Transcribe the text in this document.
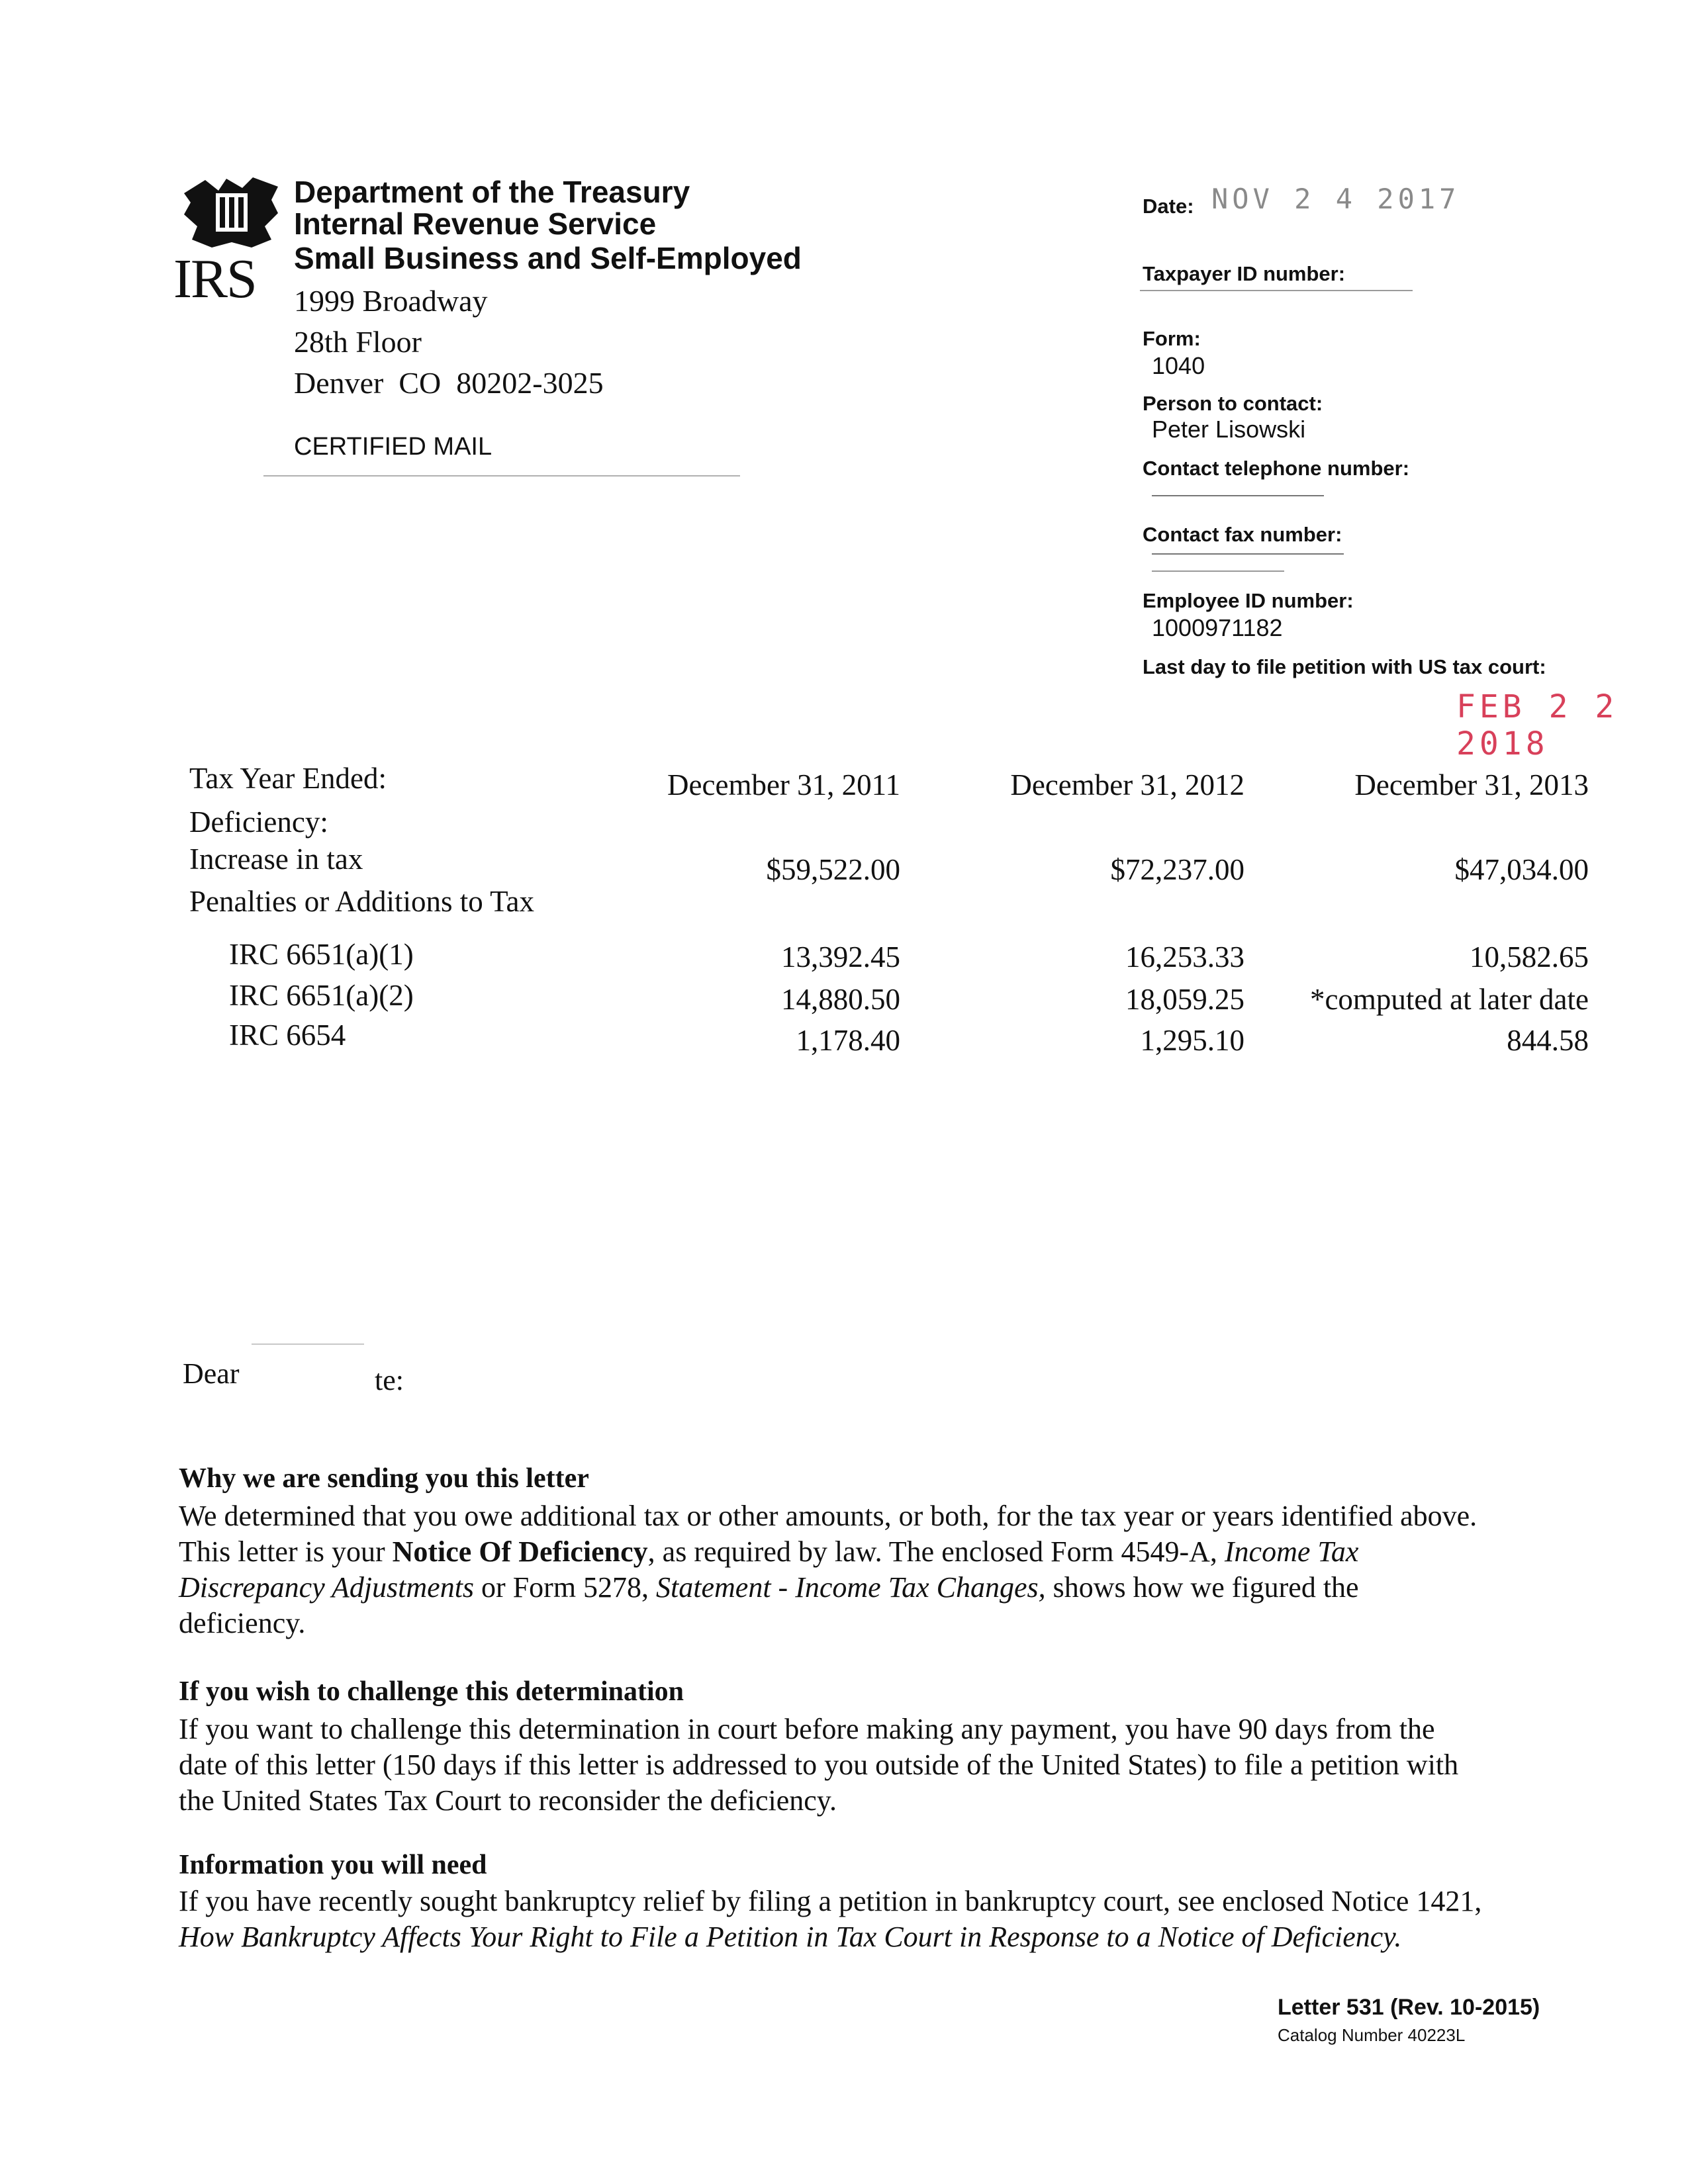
IRS
Department of the Treasury
Internal Revenue Service
Small Business and Self-Employed
1999 Broadway
28th Floor
Denver  CO  80202-3025
CERTIFIED MAIL
Date: NOV 2 4 2017
Taxpayer ID number:
Form:
1040
Person to contact:
Peter Lisowski
Contact telephone number:
Contact fax number:
Employee ID number:
1000971182
Last day to file petition with US tax court:
FEB 2 2 2018
Tax Year Ended:	December 31, 2011	December 31, 2012	December 31, 2013
Deficiency:
Increase in tax	$59,522.00	$72,237.00	$47,034.00
Penalties or Additions to Tax
IRC 6651(a)(1)	13,392.45	16,253.33	10,582.65
IRC 6651(a)(2)	14,880.50	18,059.25	*computed at later date
IRC 6654	1,178.40	1,295.10	844.58
Dear	te:
Why we are sending you this letter
We determined that you owe additional tax or other amounts, or both, for the tax year or years identified above.
This letter is your Notice Of Deficiency, as required by law. The enclosed Form 4549-A, Income Tax
Discrepancy Adjustments or Form 5278, Statement - Income Tax Changes, shows how we figured the
deficiency.
If you wish to challenge this determination
If you want to challenge this determination in court before making any payment, you have 90 days from the
date of this letter (150 days if this letter is addressed to you outside of the United States) to file a petition with
the United States Tax Court to reconsider the deficiency.
Information you will need
If you have recently sought bankruptcy relief by filing a petition in bankruptcy court, see enclosed Notice 1421,
How Bankruptcy Affects Your Right to File a Petition in Tax Court in Response to a Notice of Deficiency.
Letter 531 (Rev. 10-2015)
Catalog Number 40223L
